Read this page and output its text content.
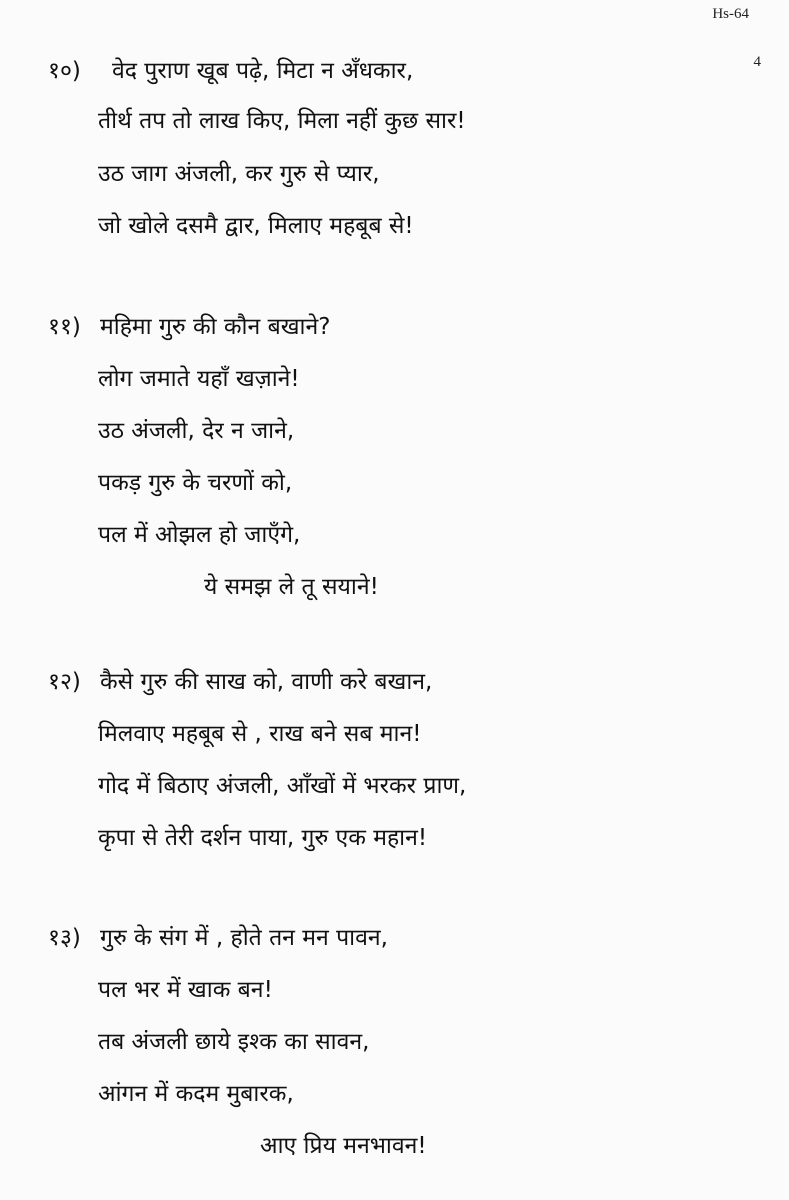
Hs-64
4
१०) वेद पुराण खूब पढ़े, मिटा न अँधकार,
तीर्थ तप तो लाख किए, मिला नहीं कुछ सार!
उठ जाग अंजली, कर गुरु से प्यार,
जो खोले दसमै द्वार, मिलाए महबूब से!
११) महिमा गुरु की कौन बखाने?
लोग जमाते यहाँ खज़ाने!
उठ अंजली, देर न जाने,
पकड़ गुरु के चरणों को,
पल में ओझल हो जाएँगे,
ये समझ ले तू सयाने!
१२) कैसे गुरु की साख को, वाणी करे बखान,
मिलवाए महबूब से , राख बने सब मान!
गोद में बिठाए अंजली, आँखों में भरकर प्राण,
कृपा से तेरी दर्शन पाया, गुरु एक महान!
१३) गुरु के संग में , होते तन मन पावन,
पल भर में खाक बन!
तब अंजली छाये इश्क का सावन,
आंगन में कदम मुबारक,
आए प्रिय मनभावन!
